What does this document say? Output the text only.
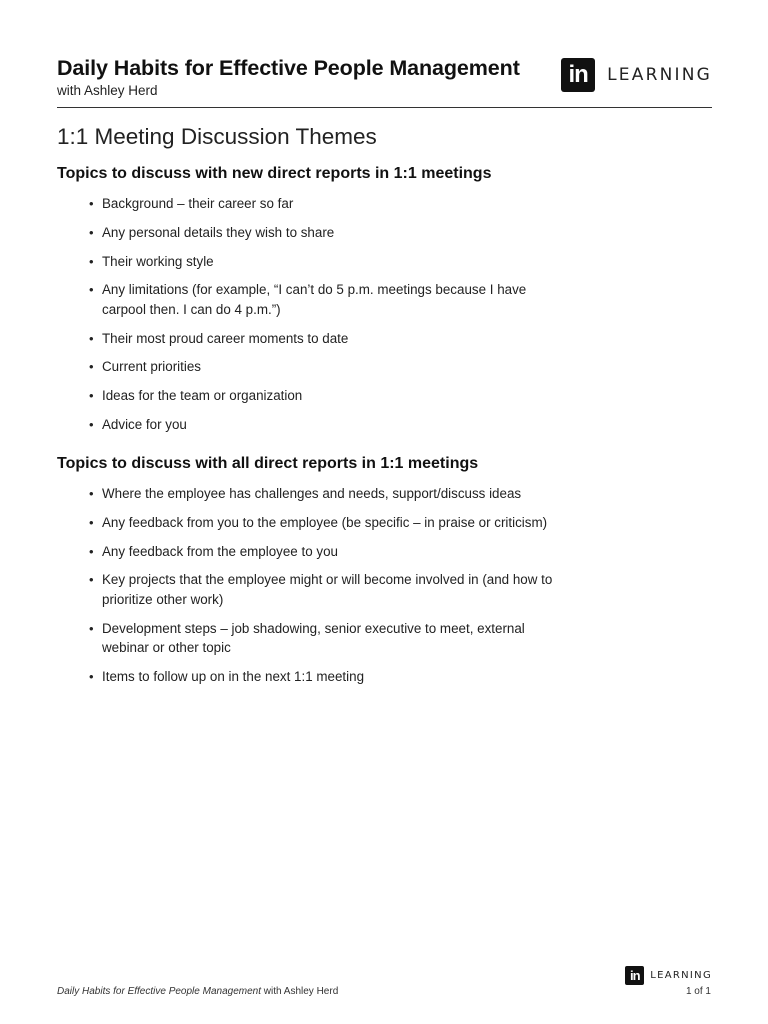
Daily Habits for Effective People Management
with Ashley Herd
in	LEARNING
1:1 Meeting Discussion Themes
Topics to discuss with new direct reports in 1:1 meetings
• Background – their career so far
• Any personal details they wish to share
• Their working style
• Any limitations (for example, “I can’t do 5 p.m. meetings because I have carpool then. I can do 4 p.m.”)
• Their most proud career moments to date
• Current priorities
• Ideas for the team or organization
• Advice for you
Topics to discuss with all direct reports in 1:1 meetings
• Where the employee has challenges and needs, support/discuss ideas
• Any feedback from you to the employee (be specific – in praise or criticism)
• Any feedback from the employee to you
• Key projects that the employee might or will become involved in (and how to prioritize other work)
• Development steps – job shadowing, senior executive to meet, external webinar or other topic
• Items to follow up on in the next 1:1 meeting
in	LEARNING
Daily Habits for Effective People Management with Ashley Herd	1 of 1
